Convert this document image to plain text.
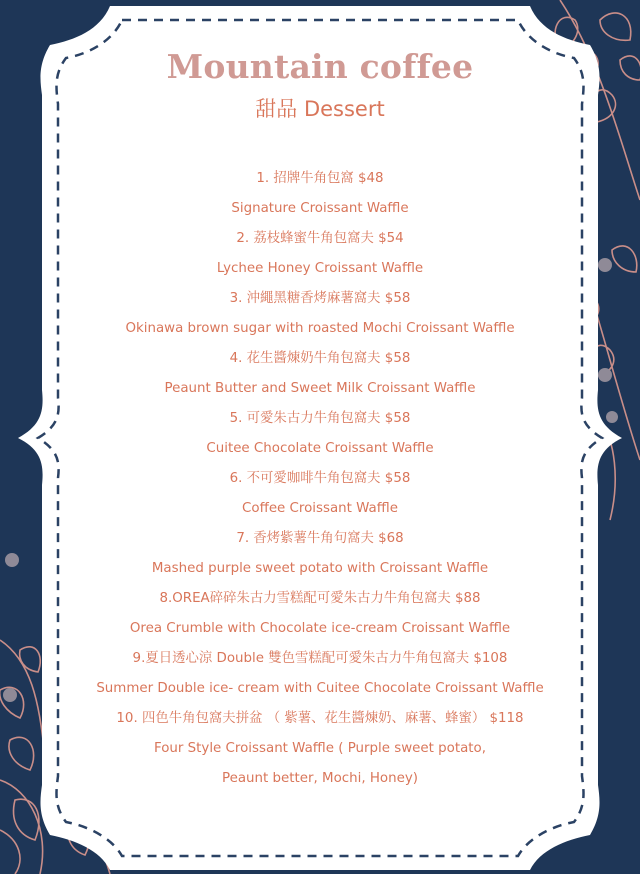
Mountain coffee
甜品 Dessert
1. 招牌牛角包窩 $48
Signature Croissant Waffle
2. 荔枝蜂蜜牛角包窩夫 $54
Lychee Honey Croissant Waffle
3. 沖繩黑糖香烤麻薯窩夫 $58
Okinawa brown sugar with roasted Mochi Croissant Waffle
4. 花生醬煉奶牛角包窩夫 $58
Peaunt Butter and Sweet Milk Croissant Waffle
5. 可愛朱古力牛角包窩夫 $58
Cuitee Chocolate Croissant Waffle
6. 不可愛咖啡牛角包窩夫 $58
Coffee Croissant Waffle
7. 香烤紫薯牛角句窩夫 $68
Mashed purple sweet potato with Croissant Waffle
8.OREA碎碎朱古力雪糕配可愛朱古力牛角包窩夫 $88
Orea Crumble with Chocolate ice-cream Croissant Waffle
9.夏日透心涼 Double 雙色雪糕配可愛朱古力牛角包窩夫 $108
Summer Double ice- cream with Cuitee Chocolate Croissant Waffle
10. 四色牛角包窩夫拼盆 （ 紫薯、花生醬煉奶、麻薯、蜂蜜） $118
Four Style Croissant Waffle ( Purple sweet potato,
Peaunt better, Mochi, Honey)
